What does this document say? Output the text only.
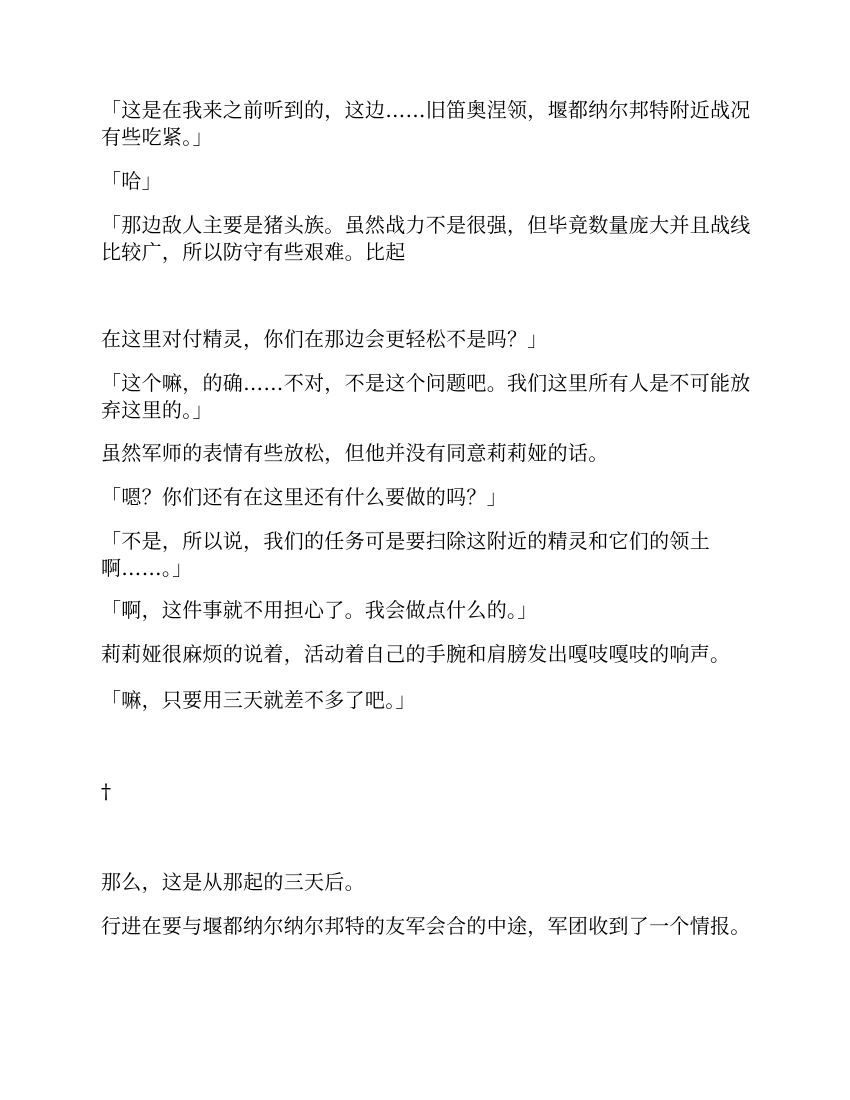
「这是在我来之前听到的，这边……旧笛奥涅领，堰都纳尔邦特附近战况有些吃紧。」

「哈」

「那边敌人主要是猪头族。虽然战力不是很强，但毕竟数量庞大并且战线比较广，所以防守有些艰难。比起

在这里对付精灵，你们在那边会更轻松不是吗？」

「这个嘛，的确……不对，不是这个问题吧。我们这里所有人是不可能放弃这里的。」

虽然军师的表情有些放松，但他并没有同意莉莉娅的话。

「嗯？你们还有在这里还有什么要做的吗？」

「不是，所以说，我们的任务可是要扫除这附近的精灵和它们的领土啊……。」

「啊，这件事就不用担心了。我会做点什么的。」

莉莉娅很麻烦的说着，活动着自己的手腕和肩膀发出嘎吱嘎吱的响声。

「嘛，只要用三天就差不多了吧。」

†

那么，这是从那起的三天后。

行进在要与堰都纳尔纳尔邦特的友军会合的中途，军团收到了一个情报。
